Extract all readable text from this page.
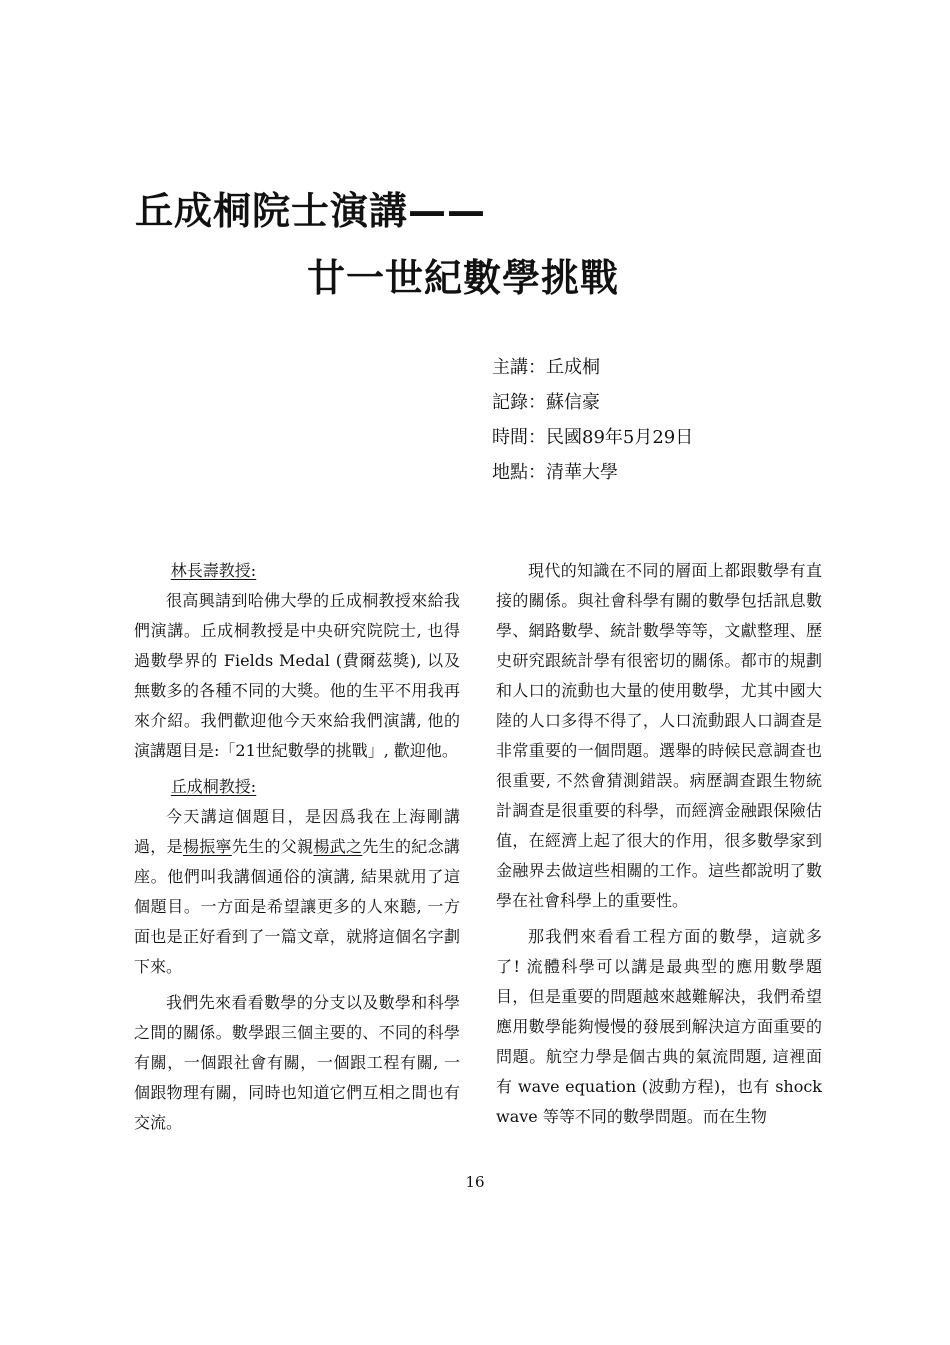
丘成桐院士演講——
廿一世紀數學挑戰
主講：丘成桐
記錄：蘇信豪
時間：民國89年5月29日
地點：清華大學

林長壽教授:

很高興請到哈佛大學的丘成桐教授來給我們演講。丘成桐教授是中央研究院院士, 也得過數學界的 Fields Medal (費爾茲獎), 以及無數多的各種不同的大獎。他的生平不用我再來介紹。我們歡迎他今天來給我們演講, 他的演講題目是:「21世紀數學的挑戰」, 歡迎他。

丘成桐教授:

今天講這個題目，是因爲我在上海剛講過，是楊振寧先生的父親楊武之先生的紀念講座。他們叫我講個通俗的演講, 結果就用了這個題目。一方面是希望讓更多的人來聽, 一方面也是正好看到了一篇文章，就將這個名字劃下來。

我們先來看看數學的分支以及數學和科學之間的關係。數學跟三個主要的、不同的科學有關，一個跟社會有關，一個跟工程有關, 一個跟物理有關，同時也知道它們互相之間也有交流。

現代的知識在不同的層面上都跟數學有直接的關係。與社會科學有關的數學包括訊息數學、網路數學、統計數學等等，文獻整理、歷史研究跟統計學有很密切的關係。都市的規劃和人口的流動也大量的使用數學，尤其中國大陸的人口多得不得了，人口流動跟人口調查是非常重要的一個問題。選舉的時候民意調查也很重要, 不然會猜測錯誤。病歷調查跟生物統計調查是很重要的科學，而經濟金融跟保險估值，在經濟上起了很大的作用，很多數學家到金融界去做這些相關的工作。這些都說明了數學在社會科學上的重要性。

那我們來看看工程方面的數學，這就多了! 流體科學可以講是最典型的應用數學題目，但是重要的問題越來越難解決，我們希望應用數學能夠慢慢的發展到解決這方面重要的問題。航空力學是個古典的氣流問題, 這裡面有 wave equation (波動方程)，也有 shock wave 等等不同的數學問題。而在生物

16
